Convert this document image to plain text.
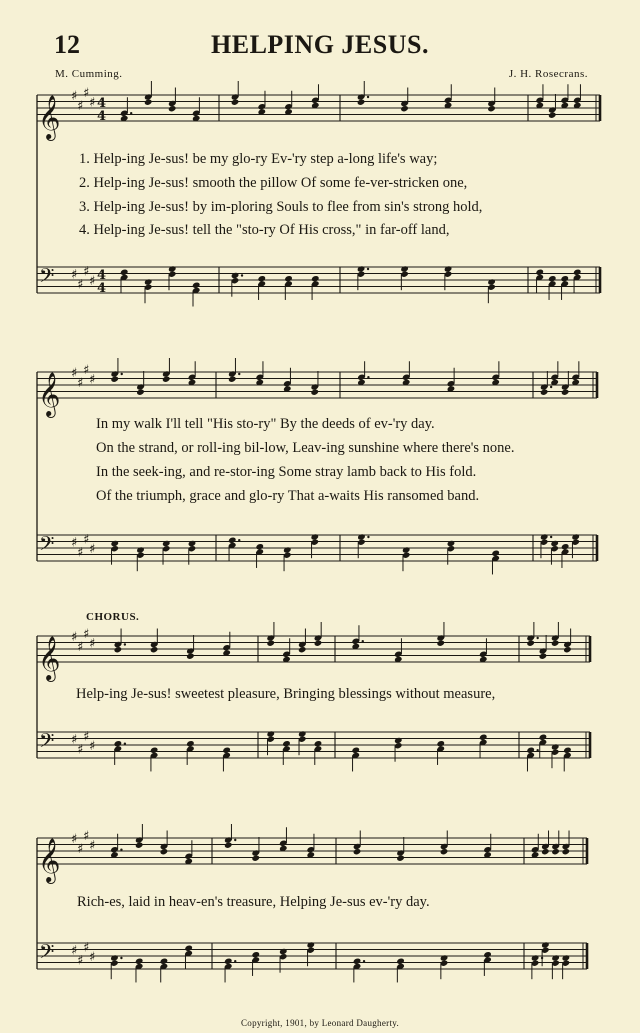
𝄞 ♯
♯
♯
♯ 4
4
𝄢 ♯
♯
♯
♯ 4
4
𝄞 ♯
♯
♯
♯
𝄢 ♯
♯
♯
♯
𝄞 ♯
♯
♯
♯
𝄢 ♯
♯
♯
♯
𝄞 ♯
♯
♯
♯
𝄢 ♯
♯
♯
♯
12	HELPING JESUS.
M. Cumming.	J. H. Rosecrans.
1. Help-ing Je-sus! be my glo-ry Ev-'ry step a-long life's way;
2. Help-ing Je-sus! smooth the pillow Of some fe-ver-stricken one,
3. Help-ing Je-sus! by im-ploring Souls to flee from sin's strong hold,
4. Help-ing Je-sus! tell the "sto-ry Of His cross," in far-off land,
In my walk I'll tell "His sto-ry" By the deeds of ev-'ry day.
On the strand, or roll-ing bil-low, Leav-ing sunshine where there's none.
In the seek-ing, and re-stor-ing Some stray lamb back to His fold.
Of the triumph, grace and glo-ry That a-waits His ransomed band.
CHORUS.
Help-ing Je-sus! sweetest pleasure, Bringing blessings without measure,
Rich-es, laid in heav-en's treasure, Helping Je-sus ev-'ry day.
Copyright, 1901, by Leonard Daugherty.
